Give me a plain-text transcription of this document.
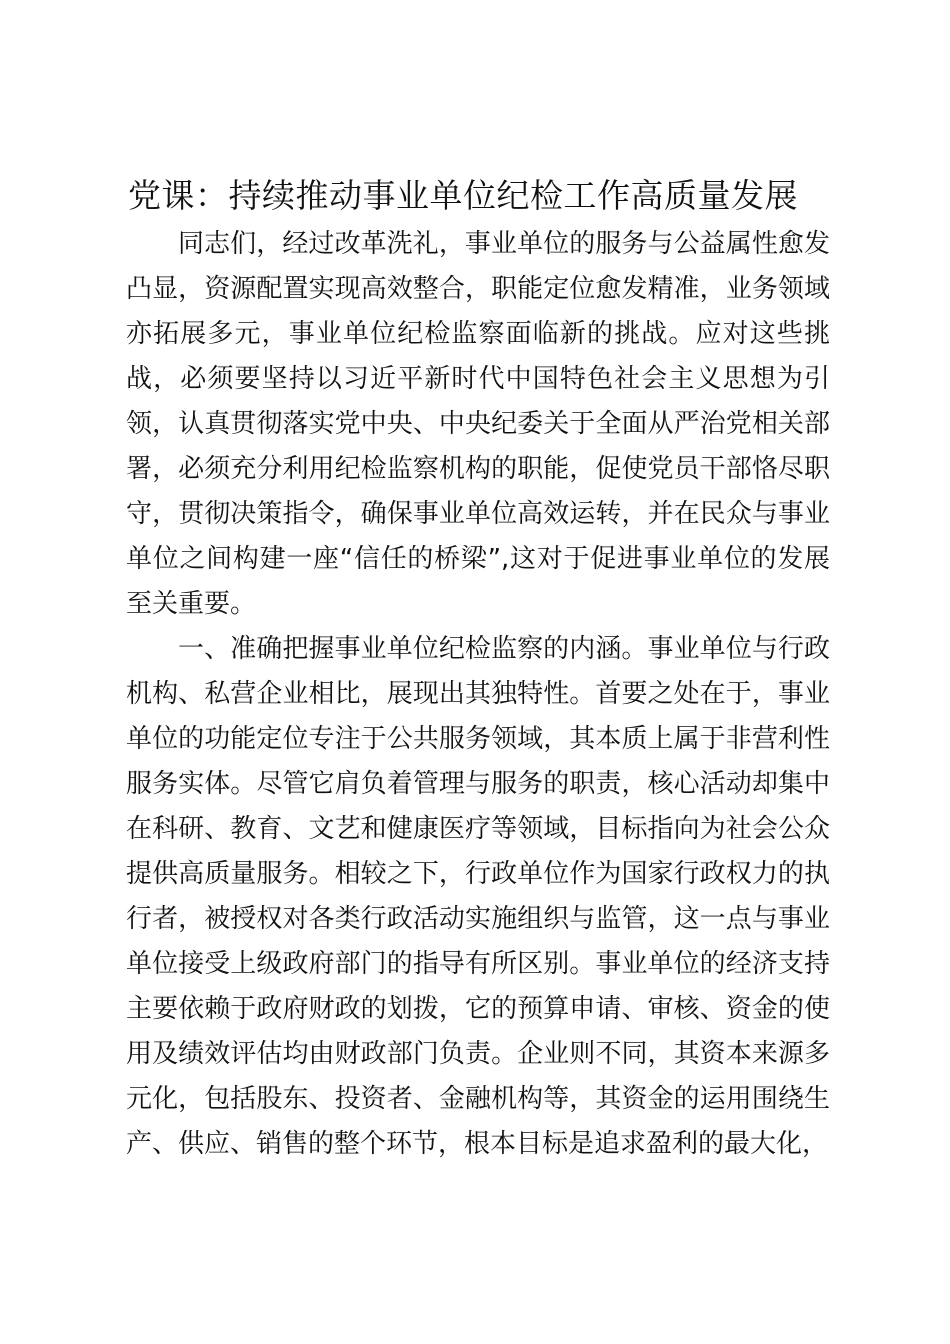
党课：持续推动事业单位纪检工作高质量发展

同志们，经过改革洗礼，事业单位的服务与公益属性愈发凸显，资源配置实现高效整合，职能定位愈发精准，业务领域亦拓展多元，事业单位纪检监察面临新的挑战。应对这些挑战，必须要坚持以习近平新时代中国特色社会主义思想为引领，认真贯彻落实党中央、中央纪委关于全面从严治党相关部署，必须充分利用纪检监察机构的职能，促使党员干部恪尽职守，贯彻决策指令，确保事业单位高效运转，并在民众与事业单位之间构建一座“信任的桥梁”,这对于促进事业单位的发展至关重要。

一、准确把握事业单位纪检监察的内涵。事业单位与行政机构、私营企业相比，展现出其独特性。首要之处在于，事业单位的功能定位专注于公共服务领域，其本质上属于非营利性服务实体。尽管它肩负着管理与服务的职责，核心活动却集中在科研、教育、文艺和健康医疗等领域，目标指向为社会公众提供高质量服务。相较之下，行政单位作为国家行政权力的执行者，被授权对各类行政活动实施组织与监管，这一点与事业单位接受上级政府部门的指导有所区别。事业单位的经济支持主要依赖于政府财政的划拨，它的预算申请、审核、资金的使用及绩效评估均由财政部门负责。企业则不同，其资本来源多元化，包括股东、投资者、金融机构等，其资金的运用围绕生产、供应、销售的整个环节，根本目标是追求盈利的最大化，
